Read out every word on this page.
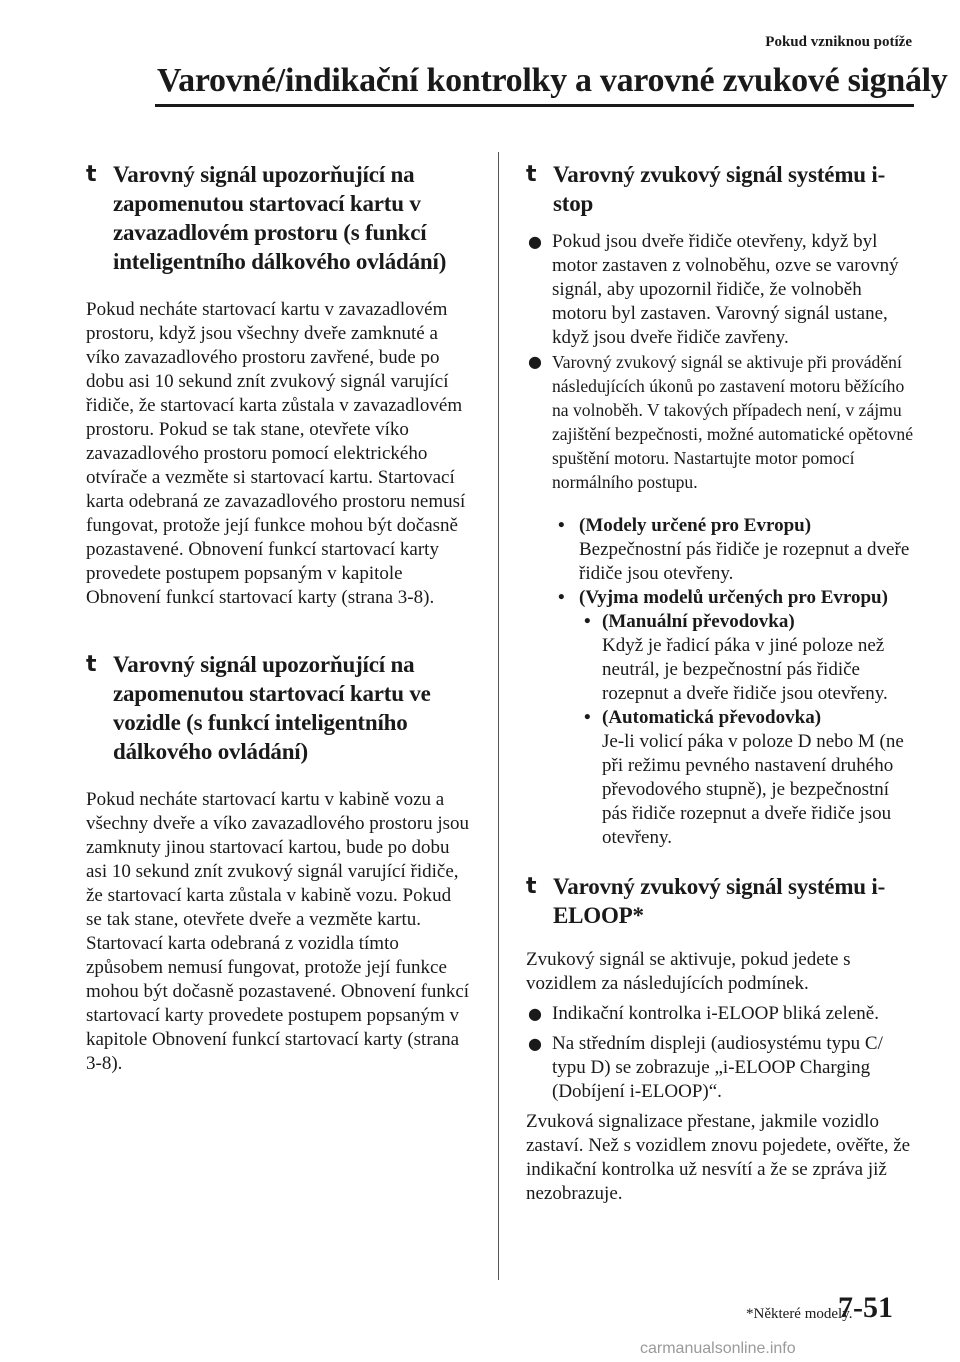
Pokud vzniknou potíže
Varovné/indikační kontrolky a varovné zvukové signály
t Varovný signál upozorňující na zapomenutou startovací kartu v zavazadlovém prostoru (s funkcí inteligentního dálkového ovládání)

Pokud necháte startovací kartu v zavazadlovém prostoru, když jsou všechny dveře zamknuté a víko zavazadlového prostoru zavřené, bude po dobu asi 10 sekund znít zvukový signál varující řidiče, že startovací karta zůstala v zavazadlovém prostoru. Pokud se tak stane, otevřete víko zavazadlového prostoru pomocí elektrického otvírače a vezměte si startovací kartu. Startovací karta odebraná ze zavazadlového prostoru nemusí fungovat, protože její funkce mohou být dočasně pozastavené. Obnovení funkcí startovací karty provedete postupem popsaným v kapitole Obnovení funkcí startovací karty (strana 3-8).

t Varovný signál upozorňující na zapomenutou startovací kartu ve vozidle (s funkcí inteligentního dálkového ovládání)

Pokud necháte startovací kartu v kabině vozu a všechny dveře a víko zavazadlového prostoru jsou zamknuty jinou startovací kartou, bude po dobu asi 10 sekund znít zvukový signál varující řidiče, že startovací karta zůstala v kabině vozu. Pokud se tak stane, otevřete dveře a vezměte kartu. Startovací karta odebraná z vozidla tímto způsobem nemusí fungovat, protože její funkce mohou být dočasně pozastavené. Obnovení funkcí startovací karty provedete postupem popsaným v kapitole Obnovení funkcí startovací karty (strana 3-8).

t Varovný zvukový signál systému i-stop

● Pokud jsou dveře řidiče otevřeny, když byl motor zastaven z volnoběhu, ozve se varovný signál, aby upozornil řidiče, že volnoběh motoru byl zastaven. Varovný signál ustane, když jsou dveře řidiče zavřeny.

● Varovný zvukový signál se aktivuje při provádění následujících úkonů po zastavení motoru běžícího na volnoběh. V takových případech není, v zájmu zajištění bezpečnosti, možné automatické opětovné spuštění motoru. Nastartujte motor pomocí normálního postupu.

• (Modely určené pro Evropu)
Bezpečnostní pás řidiče je rozepnut a dveře řidiče jsou otevřeny.

• (Vyjma modelů určených pro Evropu)

• (Manuální převodovka)
Když je řadicí páka v jiné poloze než neutrál, je bezpečnostní pás řidiče rozepnut a dveře řidiče jsou otevřeny.

• (Automatická převodovka)
Je-li volicí páka v poloze D nebo M (ne při režimu pevného nastavení druhého převodového stupně), je bezpečnostní pás řidiče rozepnut a dveře řidiče jsou otevřeny.

t Varovný zvukový signál systému i-ELOOP*

Zvukový signál se aktivuje, pokud jedete s vozidlem za následujících podmínek.

● Indikační kontrolka i-ELOOP bliká zeleně.

● Na středním displeji (audiosystému typu C/ typu D) se zobrazuje „i-ELOOP Charging (Dobíjení i-ELOOP)“.

Zvuková signalizace přestane, jakmile vozidlo zastaví. Než s vozidlem znovu pojedete, ověřte, že indikační kontrolka už nesvítí a že se zpráva již nezobrazuje.

*Některé modely.
7-51
carmanualsonline.info
